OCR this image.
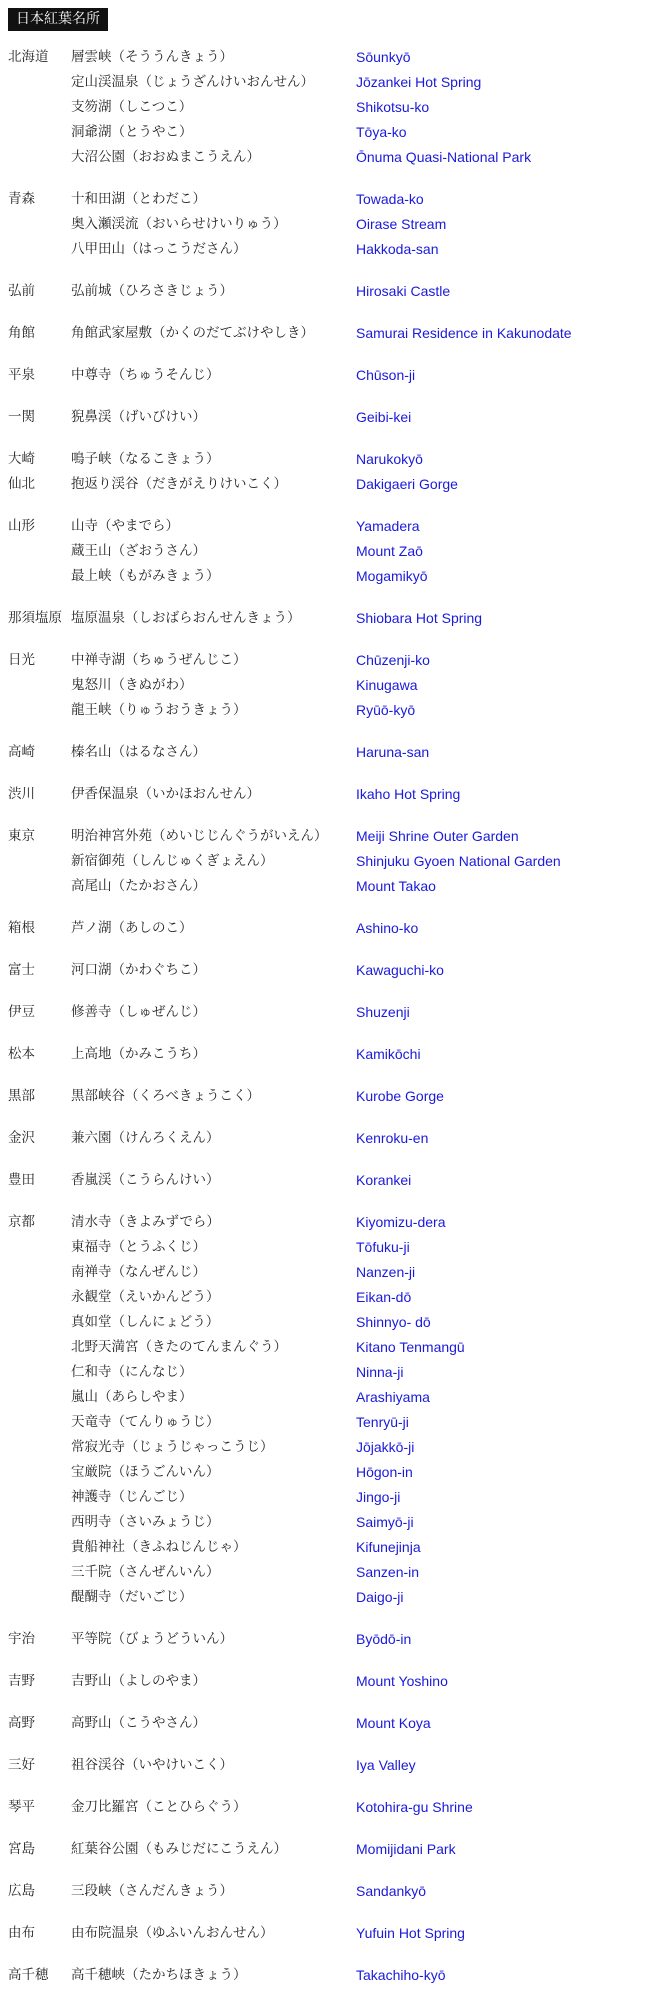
日本紅葉名所
北海道 層雲峡（そううんきょう）	Sōunkyō
定山渓温泉（じょうざんけいおんせん）	Jōzankei Hot Spring
支笏湖（しこつこ）	Shikotsu-ko
洞爺湖（とうやこ）	Tōya-ko
大沼公園（おおぬまこうえん）	Ōnuma Quasi-National Park
青森	十和田湖（とわだこ）	Towada-ko
奥入瀬渓流（おいらせけいりゅう）	Oirase Stream
八甲田山（はっこうださん）	Hakkoda-san
弘前	弘前城（ひろさきじょう）	Hirosaki Castle
角館	角館武家屋敷（かくのだてぶけやしき）	Samurai Residence in Kakunodate
平泉	中尊寺（ちゅうそんじ）	Chūson-ji
一関	猊鼻渓（げいびけい）	Geibi-kei
大崎	鳴子峡（なるこきょう）	Narukokyō
仙北	抱返り渓谷（だきがえりけいこく）	Dakigaeri Gorge
山形	山寺（やまでら）	Yamadera
蔵王山（ざおうさん）	Mount Zaō
最上峡（もがみきょう）	Mogamikyō
那須塩原 塩原温泉（しおばらおんせんきょう）	Shiobara Hot Spring
日光	中禅寺湖（ちゅうぜんじこ）	Chūzenji-ko
鬼怒川（きぬがわ）	Kinugawa
龍王峡（りゅうおうきょう）	Ryūō-kyō
高崎	榛名山（はるなさん）	Haruna-san
渋川	伊香保温泉（いかほおんせん）	Ikaho Hot Spring
東京	明治神宮外苑（めいじじんぐうがいえん） Meiji Shrine Outer Garden
新宿御苑（しんじゅくぎょえん）	Shinjuku Gyoen National Garden
高尾山（たかおさん）	Mount Takao
箱根	芦ノ湖（あしのこ）	Ashino-ko
富士	河口湖（かわぐちこ）	Kawaguchi-ko
伊豆	修善寺（しゅぜんじ）	Shuzenji
松本	上高地（かみこうち）	Kamikōchi
黒部	黒部峡谷（くろべきょうこく）	Kurobe Gorge
金沢	兼六園（けんろくえん）	Kenroku-en
豊田	香嵐渓（こうらんけい）	Korankei
京都	清水寺（きよみずでら）	Kiyomizu-dera
東福寺（とうふくじ）	Tōfuku-ji
南禅寺（なんぜんじ）	Nanzen-ji
永観堂（えいかんどう）	Eikan-dō
真如堂（しんにょどう）	Shinnyo- dō
北野天満宮（きたのてんまんぐう）	Kitano Tenmangū
仁和寺（にんなじ）	Ninna-ji
嵐山（あらしやま）	Arashiyama
天竜寺（てんりゅうじ）	Tenryū-ji
常寂光寺（じょうじゃっこうじ）	Jōjakkō-ji
宝厳院（ほうごんいん）	Hōgon-in
神護寺（じんごじ）	Jingo-ji
西明寺（さいみょうじ）	Saimyō-ji
貴船神社（きふねじんじゃ）	Kifunejinja
三千院（さんぜんいん）	Sanzen-in
醍醐寺（だいごじ）	Daigo-ji
宇治	平等院（びょうどういん）	Byōdō-in
吉野	吉野山（よしのやま）	Mount Yoshino
高野	高野山（こうやさん）	Mount Koya
三好	祖谷渓谷（いやけいこく）	Iya Valley
琴平	金刀比羅宮（ことひらぐう）	Kotohira-gu Shrine
宮島	紅葉谷公園（もみじだにこうえん）	Momijidani Park
広島	三段峡（さんだんきょう）	Sandankyō
由布	由布院温泉（ゆふいんおんせん）	Yufuin Hot Spring
高千穂 高千穂峡（たかちほきょう）	Takachiho-kyō
